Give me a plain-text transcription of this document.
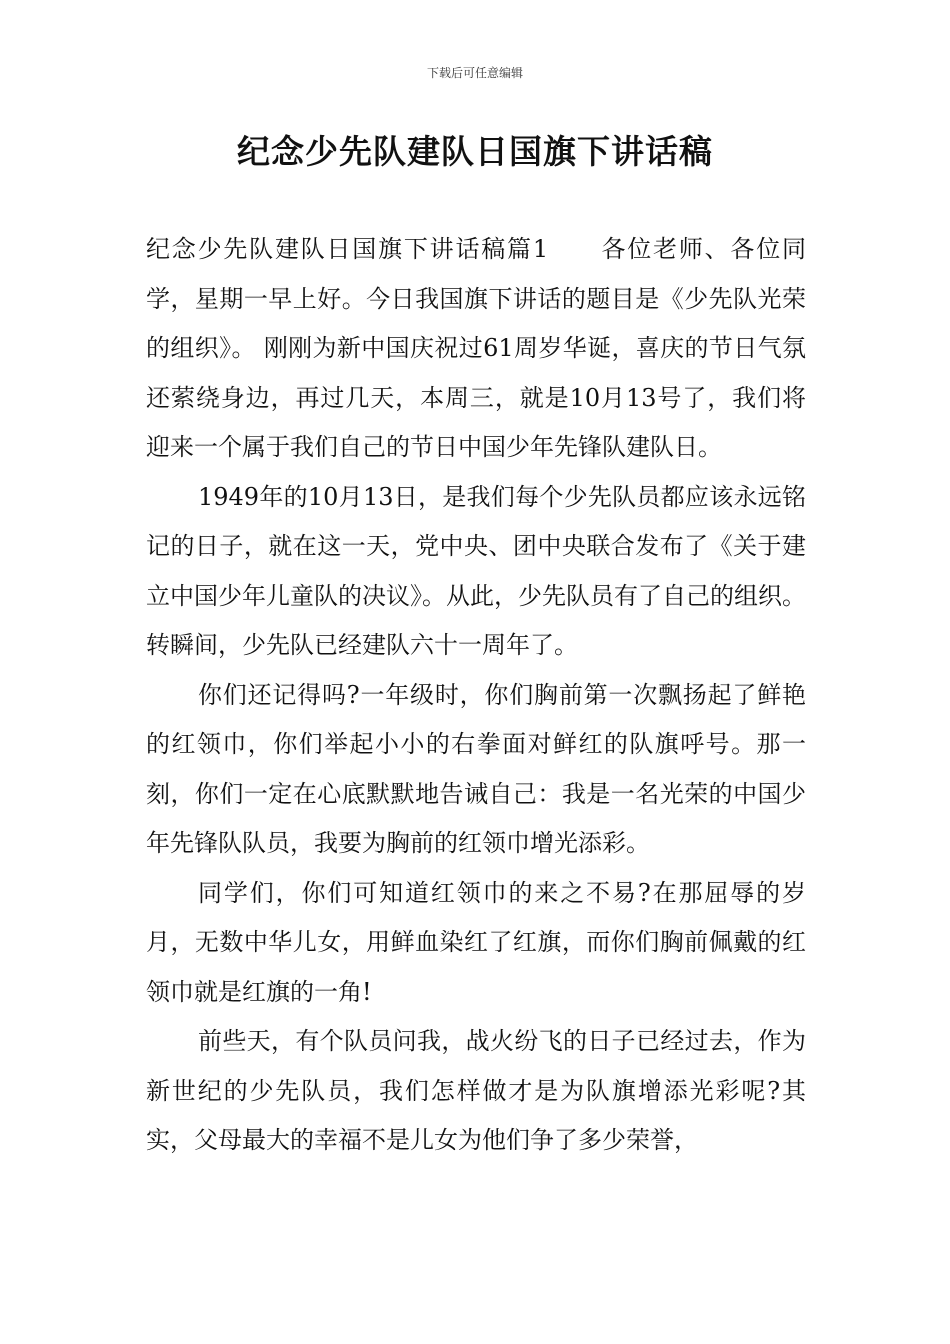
下载后可任意编辑
纪念少先队建队日国旗下讲话稿

纪念少先队建队日国旗下讲话稿篇1　　各位老师、各位同学，星期一早上好。今日我国旗下讲话的题目是《少先队光荣的组织》。 刚刚为新中国庆祝过61周岁华诞，喜庆的节日气氛还萦绕身边，再过几天，本周三，就是10月13号了，我们将迎来一个属于我们自己的节日中国少年先锋队建队日。

1949年的10月13日，是我们每个少先队员都应该永远铭记的日子，就在这一天，党中央、团中央联合发布了《关于建立中国少年儿童队的决议》。从此，少先队员有了自己的组织。转瞬间，少先队已经建队六十一周年了。

你们还记得吗?一年级时，你们胸前第一次飘扬起了鲜艳的红领巾，你们举起小小的右拳面对鲜红的队旗呼号。那一刻，你们一定在心底默默地告诫自己：我是一名光荣的中国少年先锋队队员，我要为胸前的红领巾增光添彩。

同学们，你们可知道红领巾的来之不易?在那屈辱的岁月，无数中华儿女，用鲜血染红了红旗，而你们胸前佩戴的红领巾就是红旗的一角!

前些天，有个队员问我，战火纷飞的日子已经过去，作为新世纪的少先队员，我们怎样做才是为队旗增添光彩呢?其实，父母最大的幸福不是儿女为他们争了多少荣誉，
